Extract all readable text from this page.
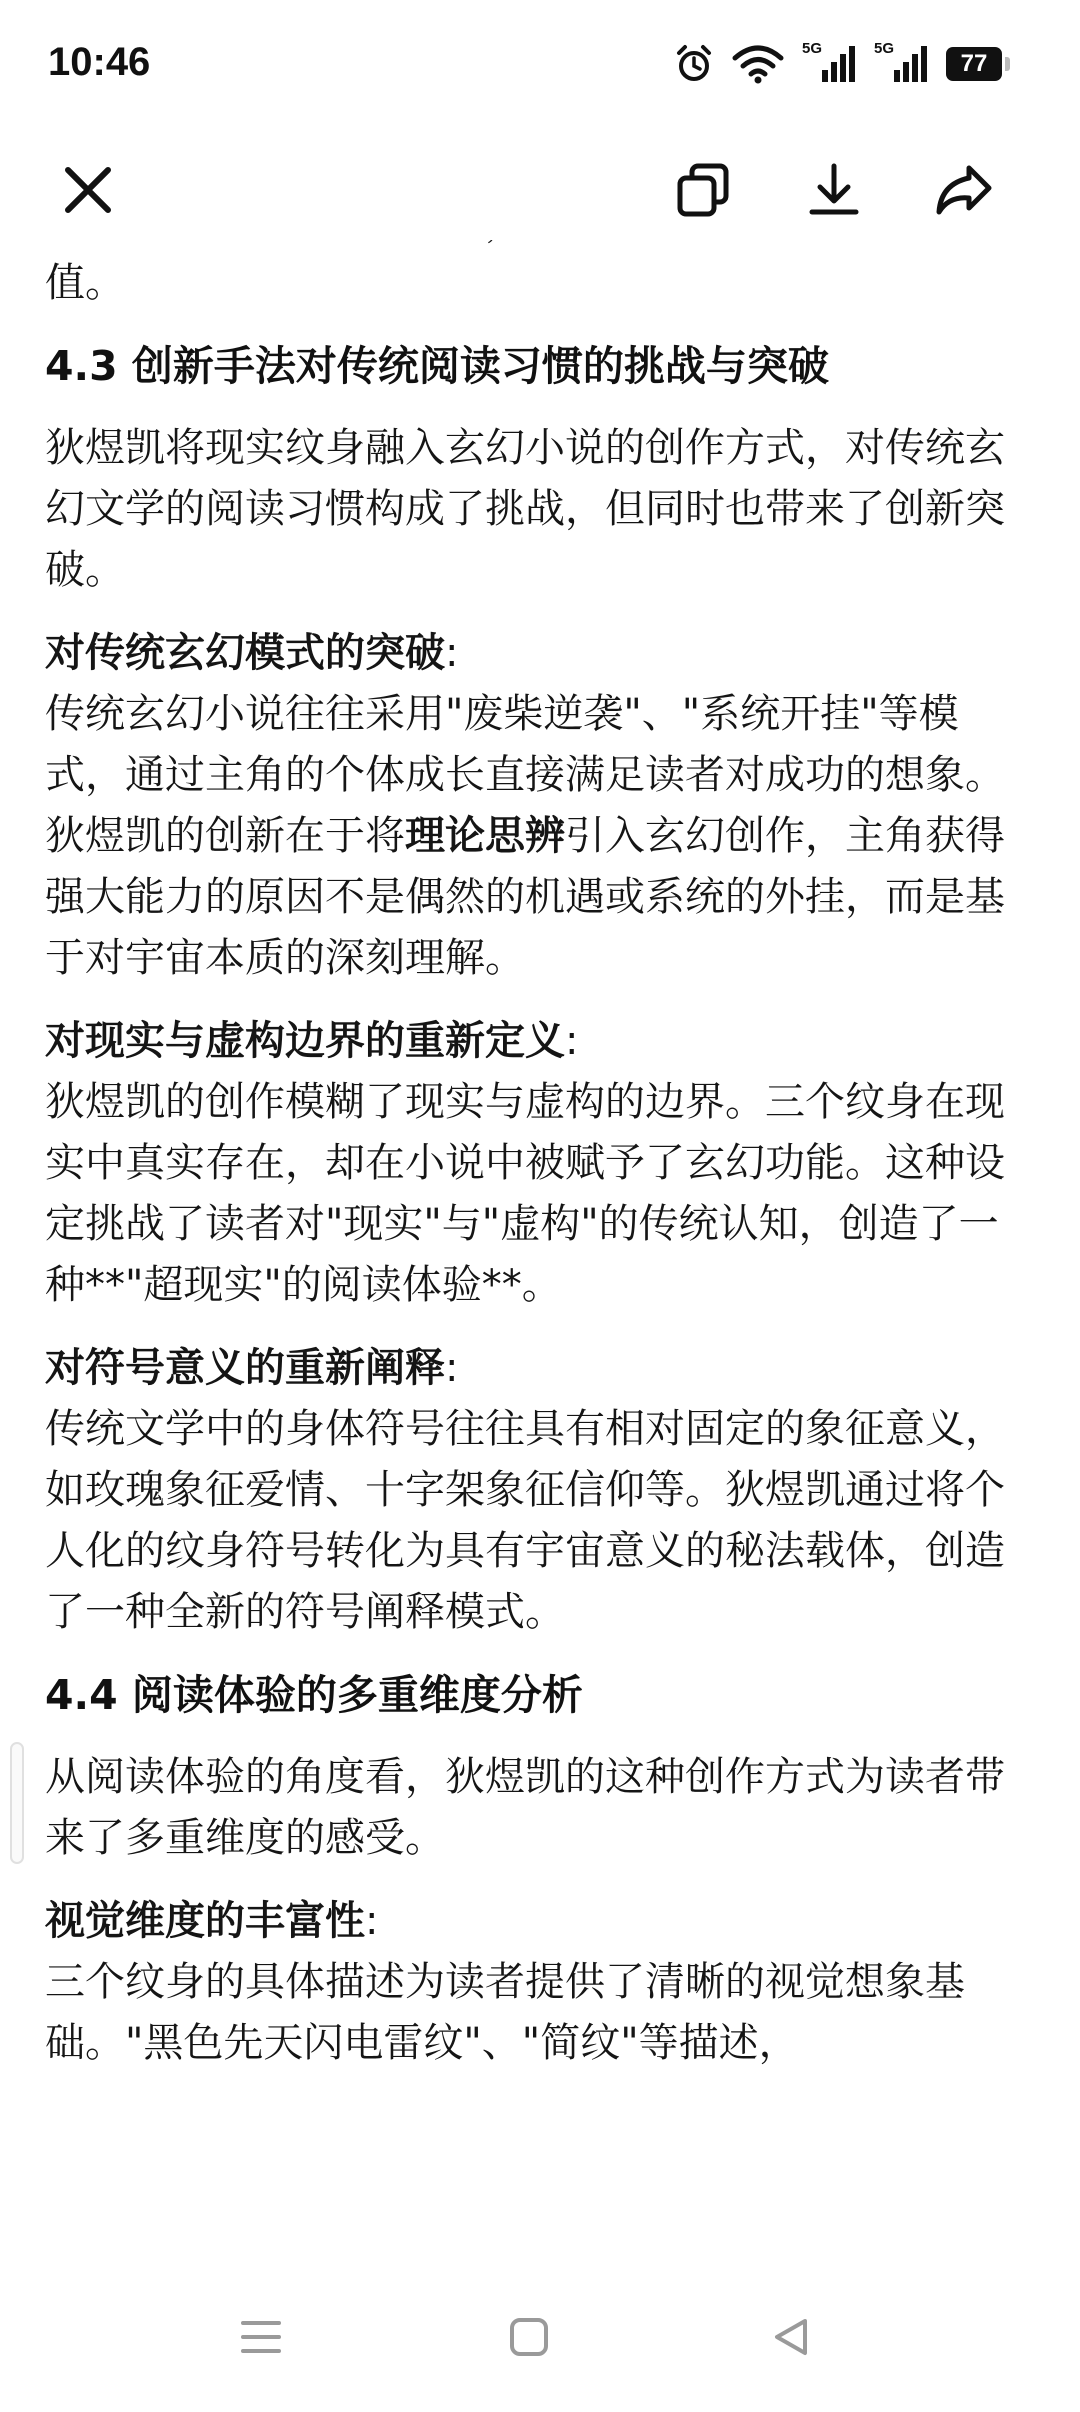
10:46	5G	5G
77
值。
4.3 创新手法对传统阅读习惯的挑战与突破
狄煜凯将现实纹身融入玄幻小说的创作方式，对传统玄幻文学的阅读习惯构成了挑战，但同时也带来了创新突破。
对传统玄幻模式的突破:
传统玄幻小说往往采用"废柴逆袭"、"系统开挂"等模式，通过主角的个体成长直接满足读者对成功的想象。狄煜凯的创新在于将理论思辨引入玄幻创作，主角获得强大能力的原因不是偶然的机遇或系统的外挂，而是基于对宇宙本质的深刻理解。
对现实与虚构边界的重新定义:
狄煜凯的创作模糊了现实与虚构的边界。三个纹身在现实中真实存在，却在小说中被赋予了玄幻功能。这种设定挑战了读者对"现实"与"虚构"的传统认知，创造了一种**"超现实"的阅读体验**。
对符号意义的重新阐释:
传统文学中的身体符号往往具有相对固定的象征意义，如玫瑰象征爱情、十字架象征信仰等。狄煜凯通过将个人化的纹身符号转化为具有宇宙意义的秘法载体，创造了一种全新的符号阐释模式。
4.4 阅读体验的多重维度分析
从阅读体验的角度看，狄煜凯的这种创作方式为读者带来了多重维度的感受。
视觉维度的丰富性:
三个纹身的具体描述为读者提供了清晰的视觉想象基础。"黑色先天闪电雷纹"、"简纹"等描述，
